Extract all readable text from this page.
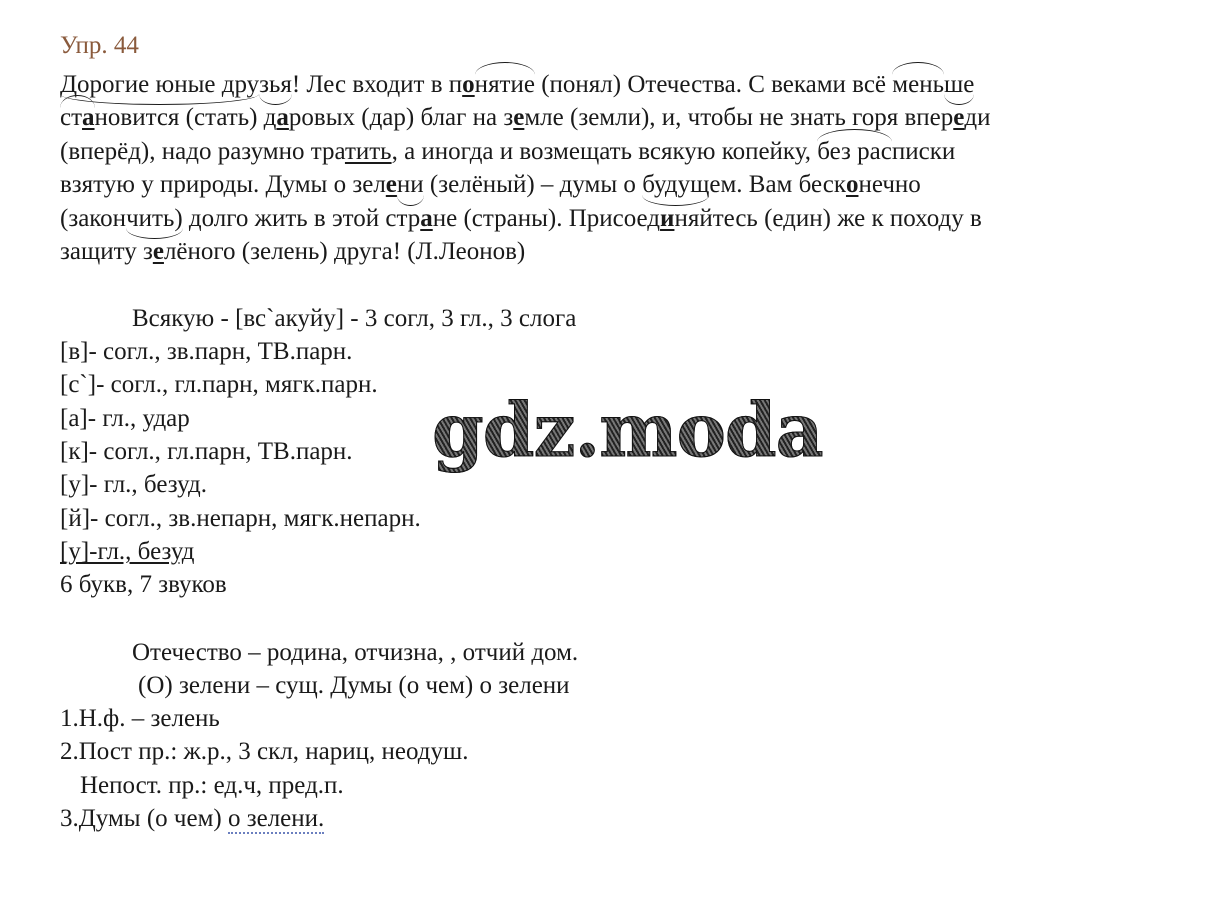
Упр. 44
Дорогие юные друзья! Лес входит в понятие (понял) Отечества. С веками всё меньше
становится (стать) даровых (дар) благ на земле (земли), и, чтобы не знать горя впереди
(вперёд), надо разумно тратить, а иногда и возмещать всякую копейку, без расписки
взятую у природы. Думы о зелени (зелёный) – думы о будущем. Вам бесконечно
(закончить) долго жить в этой стране (страны). Присоединяйтесь (един) же к походу в
защиту зелёного (зелень) друга! (Л.Леонов)
Всякую - [вс`акуйу] - 3 согл, 3 гл., 3 слога
[в]- согл., зв.парн, ТВ.парн.
[с`]- согл., гл.парн, мягк.парн.
[а]- гл., удар
[к]- согл., гл.парн, ТВ.парн.
[у]- гл., безуд.
[й]- согл., зв.непарн, мягк.непарн.
[у]-гл., безуд
6 букв, 7 звуков
Отечество – родина, отчизна, , отчий дом.
(О) зелени – сущ. Думы (о чем) о зелени
1.Н.ф. – зелень
2.Пост пр.: ж.р., 3 скл, нариц, неодуш.
Непост. пр.: ед.ч, пред.п.
3.Думы (о чем) о зелени.
gdz.moda
